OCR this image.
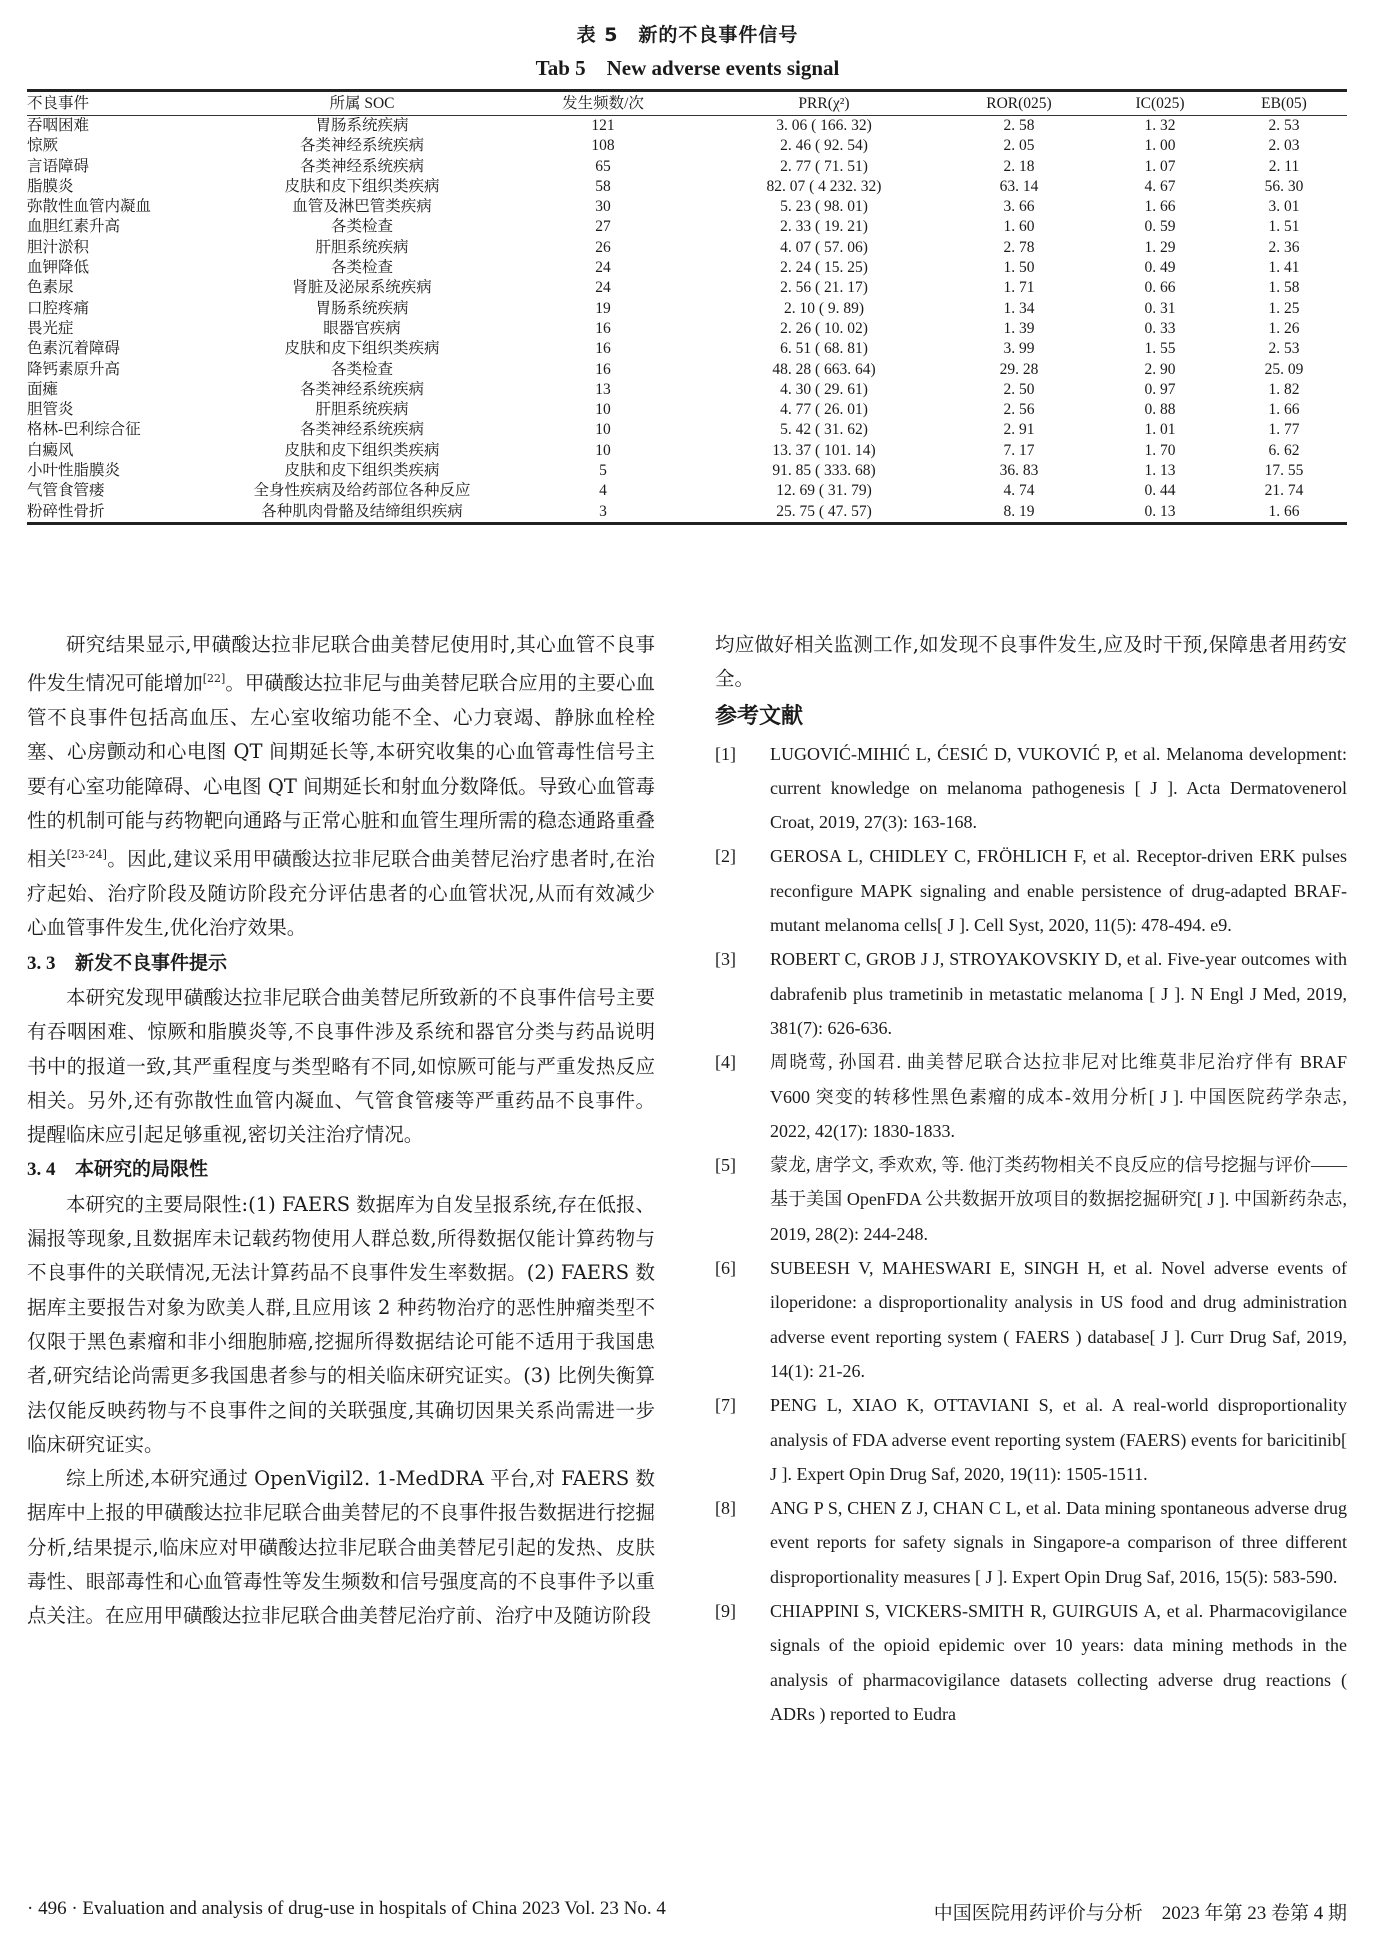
表 5　新的不良事件信号
Tab 5　New adverse events signal
不良事件	所属 SOC	发生频数/次	PRR(χ²)	ROR(025)	IC(025)	EB(05)
吞咽困难	胃肠系统疾病	121	3. 06 ( 166. 32)	2. 58	1. 32	2. 53
惊厥	各类神经系统疾病	108	2. 46 ( 92. 54)	2. 05	1. 00	2. 03
言语障碍	各类神经系统疾病	65	2. 77 ( 71. 51)	2. 18	1. 07	2. 11
脂膜炎	皮肤和皮下组织类疾病	58	82. 07 ( 4 232. 32)	63. 14	4. 67	56. 30
弥散性血管内凝血	血管及淋巴管类疾病	30	5. 23 ( 98. 01)	3. 66	1. 66	3. 01
血胆红素升高	各类检查	27	2. 33 ( 19. 21)	1. 60	0. 59	1. 51
胆汁淤积	肝胆系统疾病	26	4. 07 ( 57. 06)	2. 78	1. 29	2. 36
血钾降低	各类检查	24	2. 24 ( 15. 25)	1. 50	0. 49	1. 41
色素尿	肾脏及泌尿系统疾病	24	2. 56 ( 21. 17)	1. 71	0. 66	1. 58
口腔疼痛	胃肠系统疾病	19	2. 10 ( 9. 89)	1. 34	0. 31	1. 25
畏光症	眼器官疾病	16	2. 26 ( 10. 02)	1. 39	0. 33	1. 26
色素沉着障碍	皮肤和皮下组织类疾病	16	6. 51 ( 68. 81)	3. 99	1. 55	2. 53
降钙素原升高	各类检查	16	48. 28 ( 663. 64)	29. 28	2. 90	25. 09
面瘫	各类神经系统疾病	13	4. 30 ( 29. 61)	2. 50	0. 97	1. 82
胆管炎	肝胆系统疾病	10	4. 77 ( 26. 01)	2. 56	0. 88	1. 66
格林-巴利综合征	各类神经系统疾病	10	5. 42 ( 31. 62)	2. 91	1. 01	1. 77
白癜风	皮肤和皮下组织类疾病	10	13. 37 ( 101. 14)	7. 17	1. 70	6. 62
小叶性脂膜炎	皮肤和皮下组织类疾病	5	91. 85 ( 333. 68)	36. 83	1. 13	17. 55
气管食管瘘	全身性疾病及给药部位各种反应	4	12. 69 ( 31. 79)	4. 74	0. 44	21. 74
粉碎性骨折	各种肌肉骨骼及结缔组织疾病	3	25. 75 ( 47. 57)	8. 19	0. 13	1. 66

研究结果显示,甲磺酸达拉非尼联合曲美替尼使用时,其心血管不良事件发生情况可能增加[22]。甲磺酸达拉非尼与曲美替尼联合应用的主要心血管不良事件包括高血压、左心室收缩功能不全、心力衰竭、静脉血栓栓塞、心房颤动和心电图 QT 间期延长等,本研究收集的心血管毒性信号主要有心室功能障碍、心电图 QT 间期延长和射血分数降低。导致心血管毒性的机制可能与药物靶向通路与正常心脏和血管生理所需的稳态通路重叠相关[23-24]。因此,建议采用甲磺酸达拉非尼联合曲美替尼治疗患者时,在治疗起始、治疗阶段及随访阶段充分评估患者的心血管状况,从而有效减少心血管事件发生,优化治疗效果。

3. 3 新发不良事件提示

本研究发现甲磺酸达拉非尼联合曲美替尼所致新的不良事件信号主要有吞咽困难、惊厥和脂膜炎等,不良事件涉及系统和器官分类与药品说明书中的报道一致,其严重程度与类型略有不同,如惊厥可能与严重发热反应相关。另外,还有弥散性血管内凝血、气管食管瘘等严重药品不良事件。提醒临床应引起足够重视,密切关注治疗情况。

3. 4 本研究的局限性

本研究的主要局限性:(1) FAERS 数据库为自发呈报系统,存在低报、漏报等现象,且数据库未记载药物使用人群总数,所得数据仅能计算药物与不良事件的关联情况,无法计算药品不良事件发生率数据。(2) FAERS 数据库主要报告对象为欧美人群,且应用该 2 种药物治疗的恶性肿瘤类型不仅限于黑色素瘤和非小细胞肺癌,挖掘所得数据结论可能不适用于我国患者,研究结论尚需更多我国患者参与的相关临床研究证实。(3) 比例失衡算法仅能反映药物与不良事件之间的关联强度,其确切因果关系尚需进一步临床研究证实。

综上所述,本研究通过 OpenVigil2. 1-MedDRA 平台,对 FAERS 数据库中上报的甲磺酸达拉非尼联合曲美替尼的不良事件报告数据进行挖掘分析,结果提示,临床应对甲磺酸达拉非尼联合曲美替尼引起的发热、皮肤毒性、眼部毒性和心血管毒性等发生频数和信号强度高的不良事件予以重点关注。在应用甲磺酸达拉非尼联合曲美替尼治疗前、治疗中及随访阶段

均应做好相关监测工作,如发现不良事件发生,应及时干预,保障患者用药安全。

参考文献

[1]	LUGOVIĆ-MIHIĆ L, ĆESIĆ D, VUKOVIĆ P, et al. Melanoma development: current knowledge on melanoma pathogenesis [ J ]. Acta Dermatovenerol Croat, 2019, 27(3): 163-168.
[2]	GEROSA L, CHIDLEY C, FRÖHLICH F, et al. Receptor-driven ERK pulses reconfigure MAPK signaling and enable persistence of drug-adapted BRAF-mutant melanoma cells[ J ]. Cell Syst, 2020, 11(5): 478-494. e9.
[3]	ROBERT C, GROB J J, STROYAKOVSKIY D, et al. Five-year outcomes with dabrafenib plus trametinib in metastatic melanoma [ J ]. N Engl J Med, 2019, 381(7): 626-636.
[4]	周晓莺, 孙国君. 曲美替尼联合达拉非尼对比维莫非尼治疗伴有 BRAF V600 突变的转移性黑色素瘤的成本-效用分析[ J ]. 中国医院药学杂志, 2022, 42(17): 1830-1833.
[5]	蒙龙, 唐学文, 季欢欢, 等. 他汀类药物相关不良反应的信号挖掘与评价——基于美国 OpenFDA 公共数据开放项目的数据挖掘研究[ J ]. 中国新药杂志, 2019, 28(2): 244-248.
[6]	SUBEESH V, MAHESWARI E, SINGH H, et al. Novel adverse events of iloperidone: a disproportionality analysis in US food and drug administration adverse event reporting system ( FAERS ) database[ J ]. Curr Drug Saf, 2019, 14(1): 21-26.
[7]	PENG L, XIAO K, OTTAVIANI S, et al. A real-world disproportionality analysis of FDA adverse event reporting system (FAERS) events for baricitinib[ J ]. Expert Opin Drug Saf, 2020, 19(11): 1505-1511.
[8]	ANG P S, CHEN Z J, CHAN C L, et al. Data mining spontaneous adverse drug event reports for safety signals in Singapore-a comparison of three different disproportionality measures [ J ]. Expert Opin Drug Saf, 2016, 15(5): 583-590.
[9]	CHIAPPINI S, VICKERS-SMITH R, GUIRGUIS A, et al. Pharmacovigilance signals of the opioid epidemic over 10 years: data mining methods in the analysis of pharmacovigilance datasets collecting adverse drug reactions ( ADRs ) reported to Eudra
· 496 · Evaluation and analysis of drug-use in hospitals of China 2023 Vol. 23 No. 4	中国医院用药评价与分析　2023 年第 23 卷第 4 期
